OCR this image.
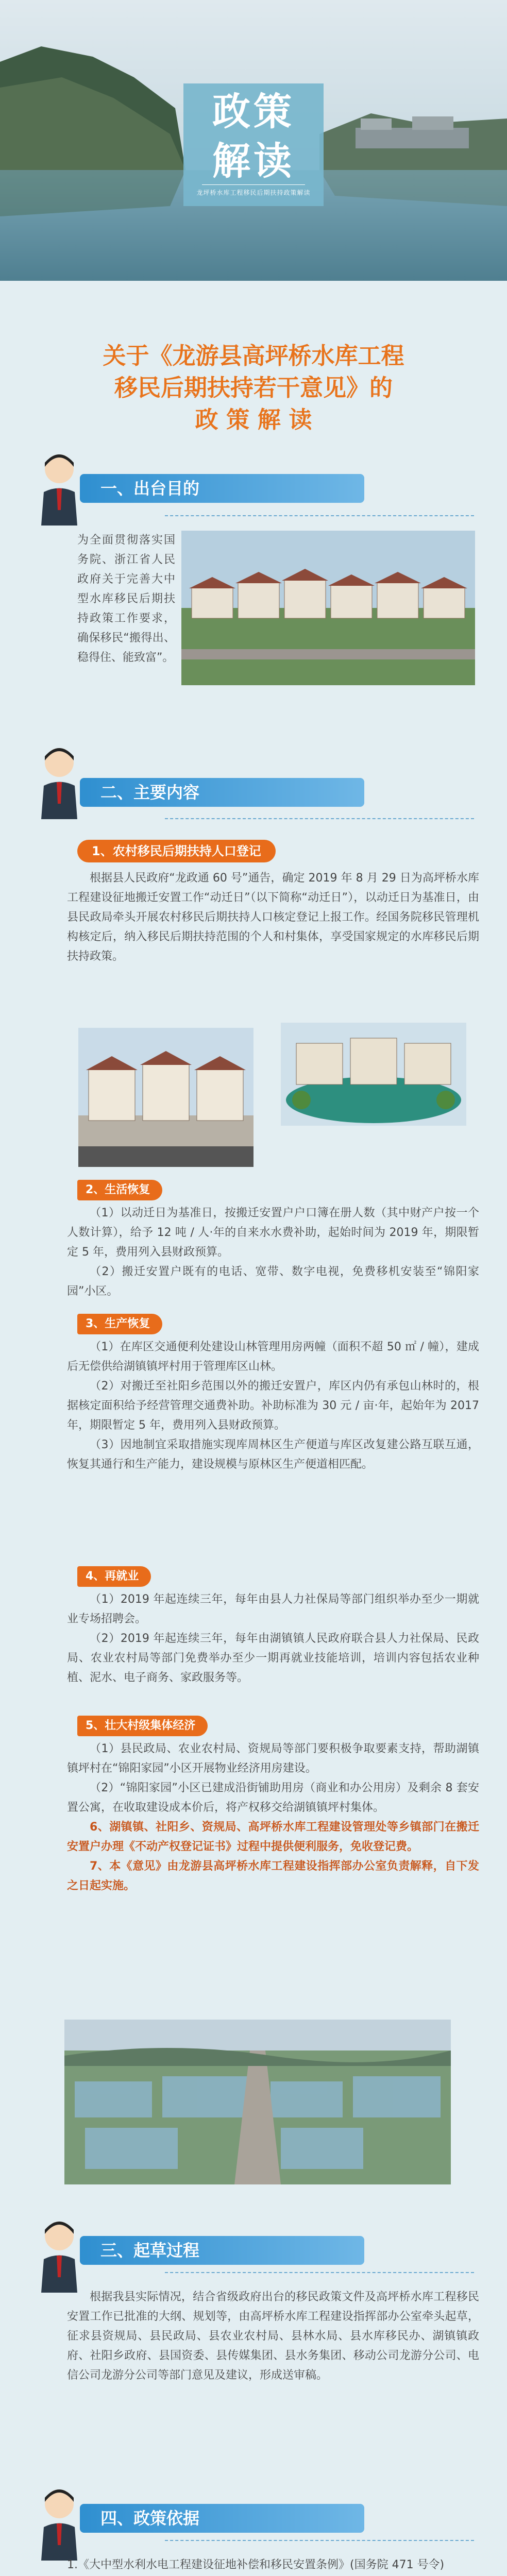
政策
解读
龙坪桥水库工程移民后期扶持政策解读
关于《龙游县高坪桥水库工程
移民后期扶持若干意见》的
政 策 解 读
一、出台目的

为全面贯彻落实国务院、浙江省人民政府关于完善大中型水库移民后期扶持政策工作要求，确保移民“搬得出、稳得住、能致富”。

二、主要内容
1、农村移民后期扶持人口登记

根据县人民政府“龙政通 60 号”通告，确定 2019 年 8 月 29 日为高坪桥水库工程建设征地搬迁安置工作“动迁日”（以下简称“动迁日”），以动迁日为基准日，由县民政局牵头开展农村移民后期扶持人口核定登记上报工作。经国务院移民管理机构核定后，纳入移民后期扶持范围的个人和村集体，享受国家规定的水库移民后期扶持政策。

2、生活恢复

（1）以动迁日为基准日，按搬迁安置户户口簿在册人数（其中财产户按一个人数计算），给予 12 吨 / 人·年的自来水水费补助，起始时间为 2019 年，期限暂定 5 年，费用列入县财政预算。

（2）搬迁安置户既有的电话、宽带、数字电视，免费移机安装至“锦阳家园”小区。

3、生产恢复

（1）在库区交通便利处建设山林管理用房两幢（面积不超 50 ㎡ / 幢），建成后无偿供给湖镇镇坪村用于管理库区山林。

（2）对搬迁至社阳乡范围以外的搬迁安置户，库区内仍有承包山林时的，根据核定面积给予经营管理交通费补助。补助标准为 30 元 / 亩·年，起始年为 2017 年，期限暂定 5 年，费用列入县财政预算。

（3）因地制宜采取措施实现库周林区生产便道与库区改复建公路互联互通，恢复其通行和生产能力，建设规模与原林区生产便道相匹配。

4、再就业

（1）2019 年起连续三年，每年由县人力社保局等部门组织举办至少一期就业专场招聘会。

（2）2019 年起连续三年，每年由湖镇镇人民政府联合县人力社保局、民政局、农业农村局等部门免费举办至少一期再就业技能培训，培训内容包括农业种植、泥水、电子商务、家政服务等。

5、壮大村级集体经济

（1）县民政局、农业农村局、资规局等部门要积极争取要素支持，帮助湖镇镇坪村在“锦阳家园”小区开展物业经济用房建设。

（2）“锦阳家园”小区已建成沿街铺助用房（商业和办公用房）及剩余 8 套安置公寓，在收取建设成本价后，将产权移交给湖镇镇坪村集体。

6、湖镇镇、社阳乡、资规局、高坪桥水库工程建设管理处等乡镇部门在搬迁安置户办理《不动产权登记证书》过程中提供便利服务，免收登记费。

7、本《意见》由龙游县高坪桥水库工程建设指挥部办公室负责解释，自下发之日起实施。

三、起草过程

根据我县实际情况，结合省级政府出台的移民政策文件及高坪桥水库工程移民安置工作已批准的大纲、规划等，由高坪桥水库工程建设指挥部办公室牵头起草，征求县资规局、县民政局、县农业农村局、县林水局、县水库移民办、湖镇镇政府、社阳乡政府、县国资委、县传媒集团、县水务集团、移动公司龙游分公司、电信公司龙游分公司等部门意见及建议，形成送审稿。

四、政策依据

1.《大中型水利水电工程建设征地补偿和移民安置条例》(国务院 471 号令)
